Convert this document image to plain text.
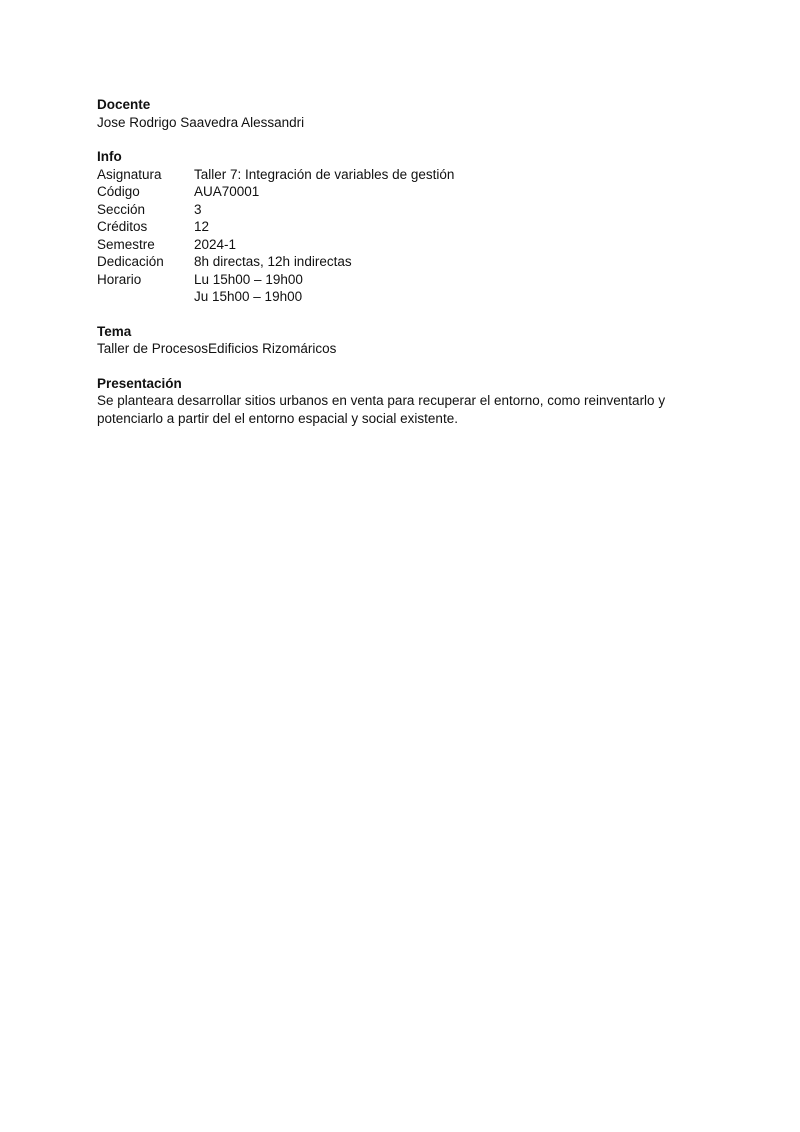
Docente

Jose Rodrigo Saavedra Alessandri

Info

Asignatura	Taller 7: Integración de variables de gestión
Código	AUA70001
Sección	3
Créditos	12
Semestre	2024-1
Dedicación	8h directas, 12h indirectas
Horario	Lu 15h00 – 19h00
Ju 15h00 – 19h00

Tema

Taller de ProcesosEdificios Rizomáricos

Presentación

Se planteara desarrollar sitios urbanos en venta para recuperar el entorno, como reinventarlo y potenciarlo a partir del el entorno espacial y social existente.
